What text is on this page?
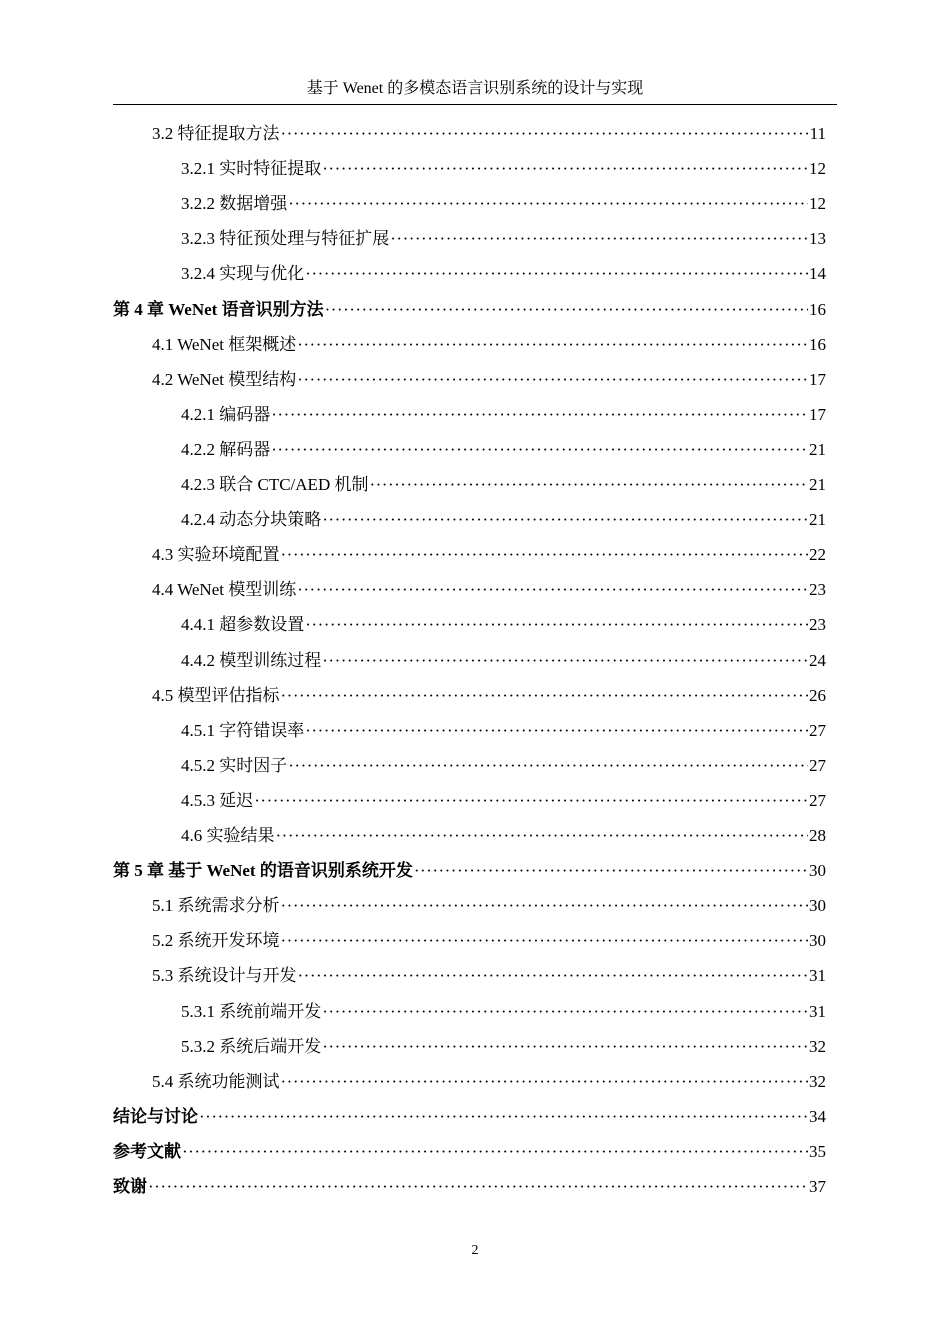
基于 Wenet 的多模态语言识别系统的设计与实现
3.2 特征提取方法 ·····	11
3.2.1 实时特征提取 ·····	12
3.2.2 数据增强 ·····	12
3.2.3 特征预处理与特征扩展 ·····	13
3.2.4 实现与优化 ·····	14
第 4 章 WeNet 语音识别方法 ·····	16
4.1 WeNet 框架概述 ·····	16
4.2 WeNet 模型结构 ·····	17
4.2.1 编码器 ·····	17
4.2.2 解码器 ·····	21
4.2.3 联合 CTC/AED 机制 ·····	21
4.2.4 动态分块策略 ·····	21
4.3 实验环境配置 ·····	22
4.4 WeNet 模型训练 ·····	23
4.4.1 超参数设置 ·····	23
4.4.2 模型训练过程 ·····	24
4.5 模型评估指标 ·····	26
4.5.1 字符错误率 ·····	27
4.5.2 实时因子 ·····	27
4.5.3 延迟 ·····	27
4.6 实验结果 ·····	28
第 5 章 基于 WeNet 的语音识别系统开发 ·····	30
5.1 系统需求分析 ·····	30
5.2 系统开发环境 ·····	30
5.3 系统设计与开发 ·····	31
5.3.1 系统前端开发 ·····	31
5.3.2 系统后端开发 ·····	32
5.4 系统功能测试 ·····	32
结论与讨论 ·····	34
参考文献 ·····	35
致谢 ·····	37
2
